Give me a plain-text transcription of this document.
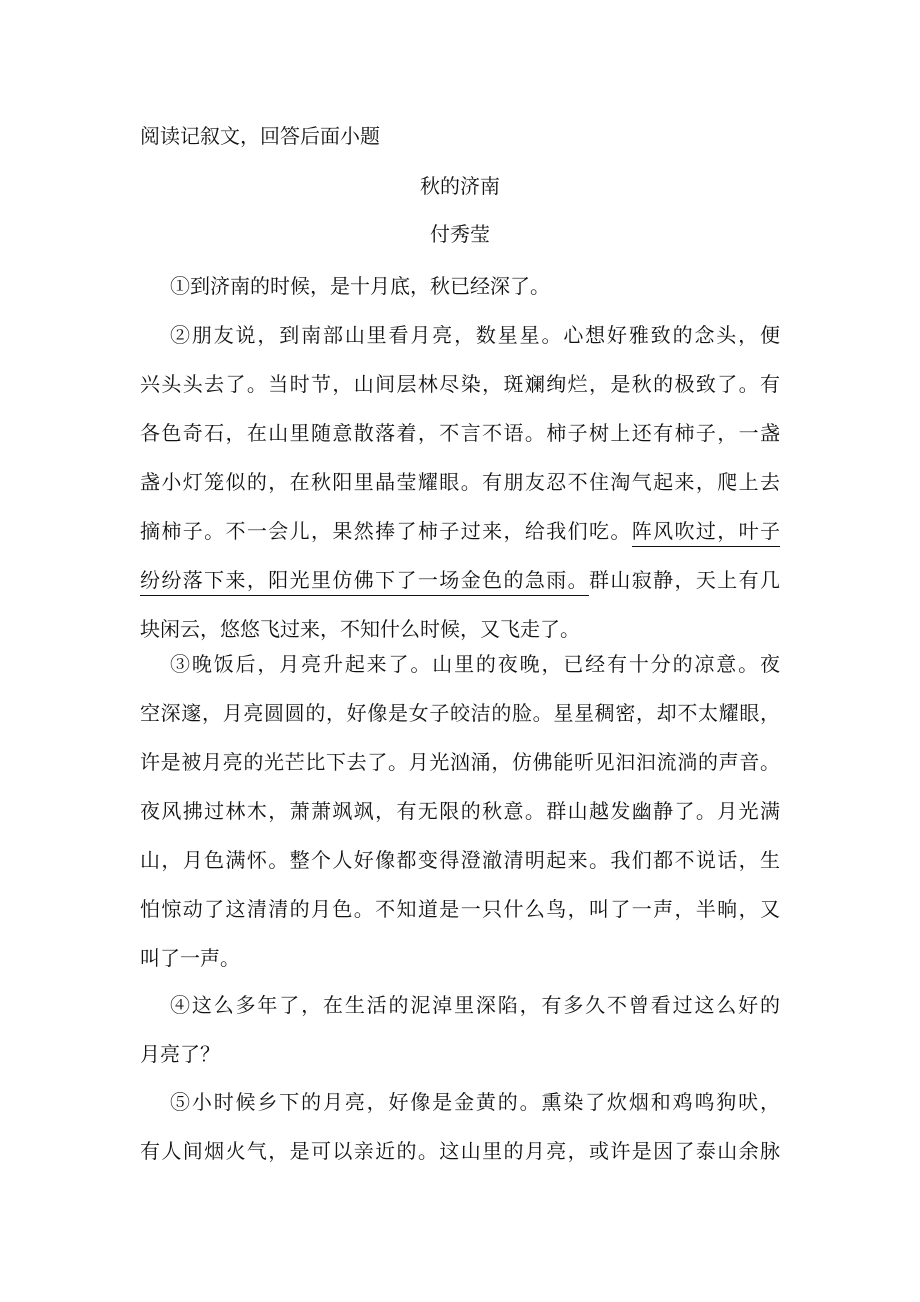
阅读记叙文，回答后面小题
秋的济南
付秀莹
①到济南的时候，是十月底，秋已经深了。
②朋友说，到南部山里看月亮，数星星。心想好雅致的念头，便
兴头头去了。当时节，山间层林尽染，斑斓绚烂，是秋的极致了。有
各色奇石，在山里随意散落着，不言不语。柿子树上还有柿子，一盏
盏小灯笼似的，在秋阳里晶莹耀眼。有朋友忍不住淘气起来，爬上去
摘柿子。不一会儿，果然捧了柿子过来，给我们吃。阵风吹过，叶子
纷纷落下来，阳光里仿佛下了一场金色的急雨。群山寂静，天上有几
块闲云，悠悠飞过来，不知什么时候，又飞走了。
③晚饭后，月亮升起来了。山里的夜晚，已经有十分的凉意。夜
空深邃，月亮圆圆的，好像是女子皎洁的脸。星星稠密，却不太耀眼，
许是被月亮的光芒比下去了。月光汹涌，仿佛能听见汩汩流淌的声音。
夜风拂过林木，萧萧飒飒，有无限的秋意。群山越发幽静了。月光满
山，月色满怀。整个人好像都变得澄澈清明起来。我们都不说话，生
怕惊动了这清清的月色。不知道是一只什么鸟，叫了一声，半晌，又
叫了一声。
④这么多年了，在生活的泥淖里深陷，有多久不曾看过这么好的
月亮了？
⑤小时候乡下的月亮，好像是金黄的。熏染了炊烟和鸡鸣狗吠，
有人间烟火气，是可以亲近的。这山里的月亮，或许是因了泰山余脉
